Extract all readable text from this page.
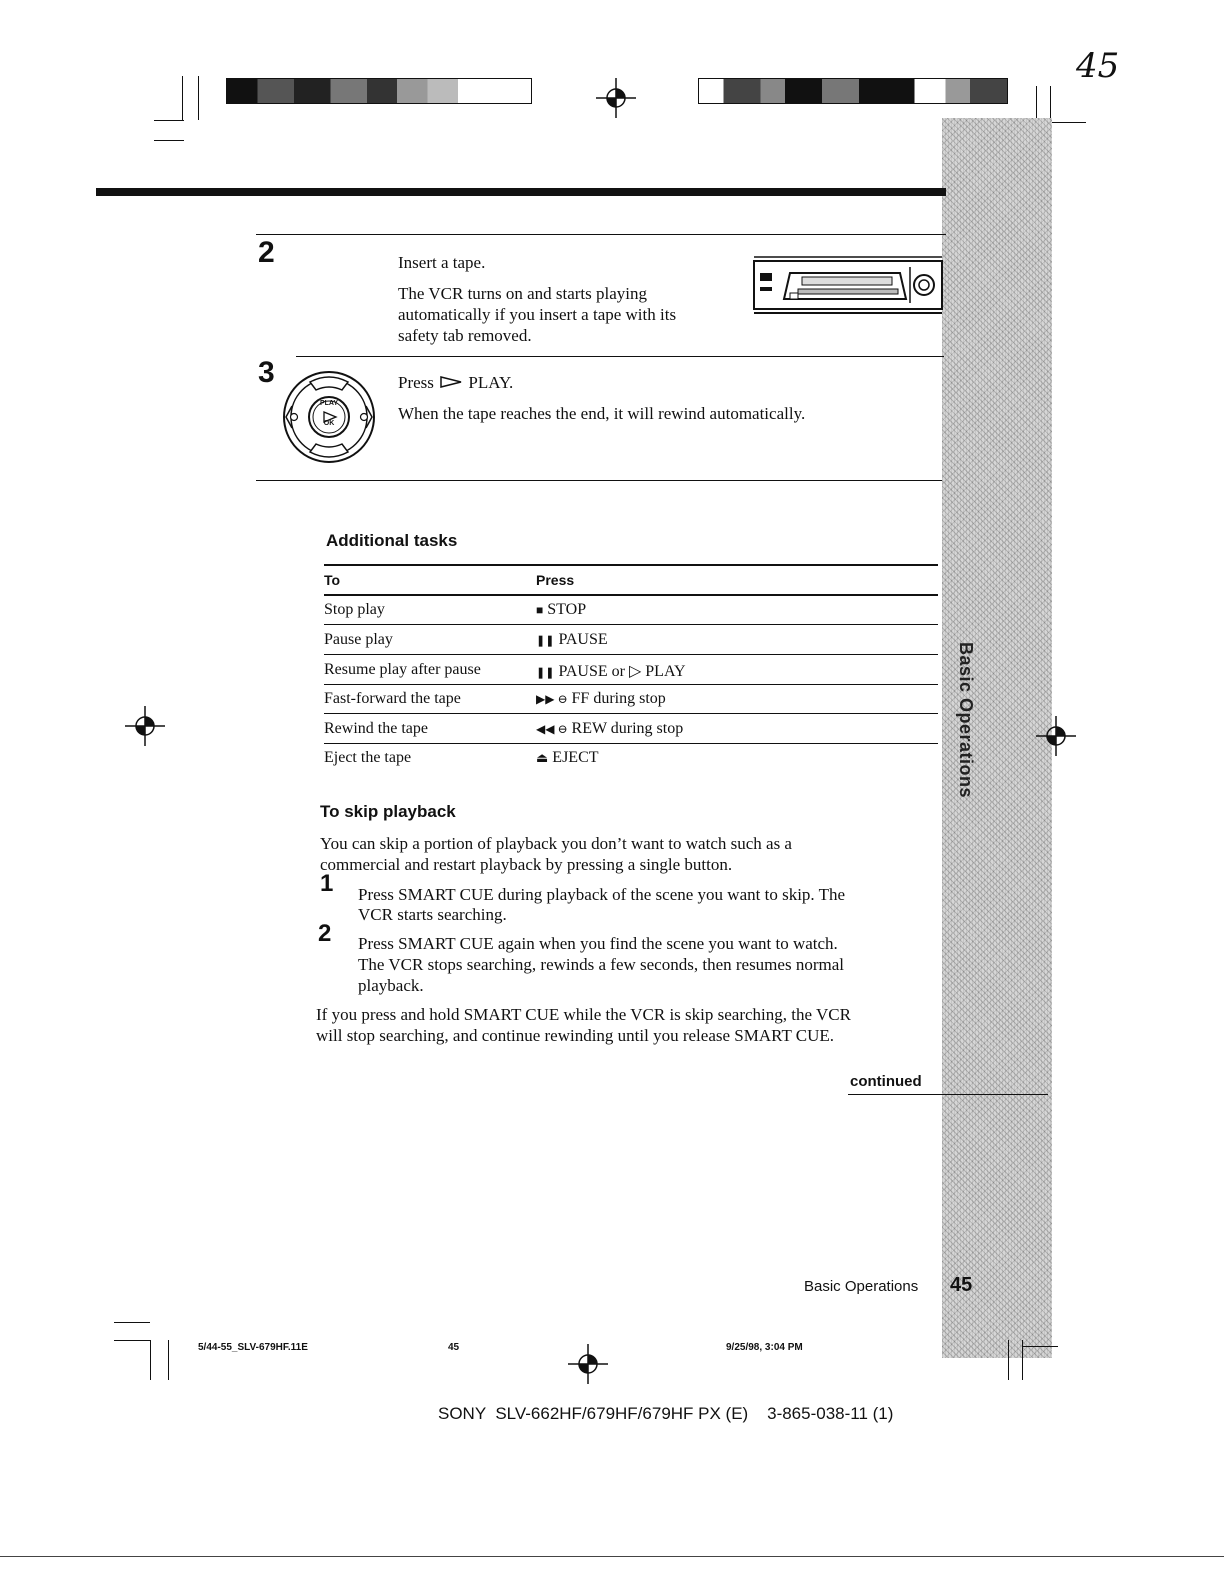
45
Basic Operations
2	Insert a tape.
The VCR turns on and starts playing
automatically if you insert a tape with its
safety tab removed.
3
PLAY
OK
Press PLAY.
When the tape reaches the end, it will rewind automatically.
Additional tasks
To	Press
Stop play	■ STOP
Pause play	❚❚ PAUSE
Resume play after pause	❚❚ PAUSE or ▷ PLAY
Fast-forward the tape	▶▶ ⊖ FF during stop
Rewind the tape	◀◀ ⊖ REW during stop
Eject the tape	⏏ EJECT
To skip playback
You can skip a portion of playback you don’t want to watch such as a
commercial and restart playback by pressing a single button.
1 Press SMART CUE during playback of the scene you want to skip. The
VCR starts searching.
2 Press SMART CUE again when you find the scene you want to watch.
The VCR stops searching, rewinds a few seconds, then resumes normal
playback.
If you press and hold SMART CUE while the VCR is skip searching, the VCR
will stop searching, and continue rewinding until you release SMART CUE.
continued
Basic Operations 45
5/44-55_SLV-679HF.11E	45	9/25/98, 3:04 PM
SONY  SLV-662HF/679HF/679HF PX (E)    3-865-038-11 (1)
